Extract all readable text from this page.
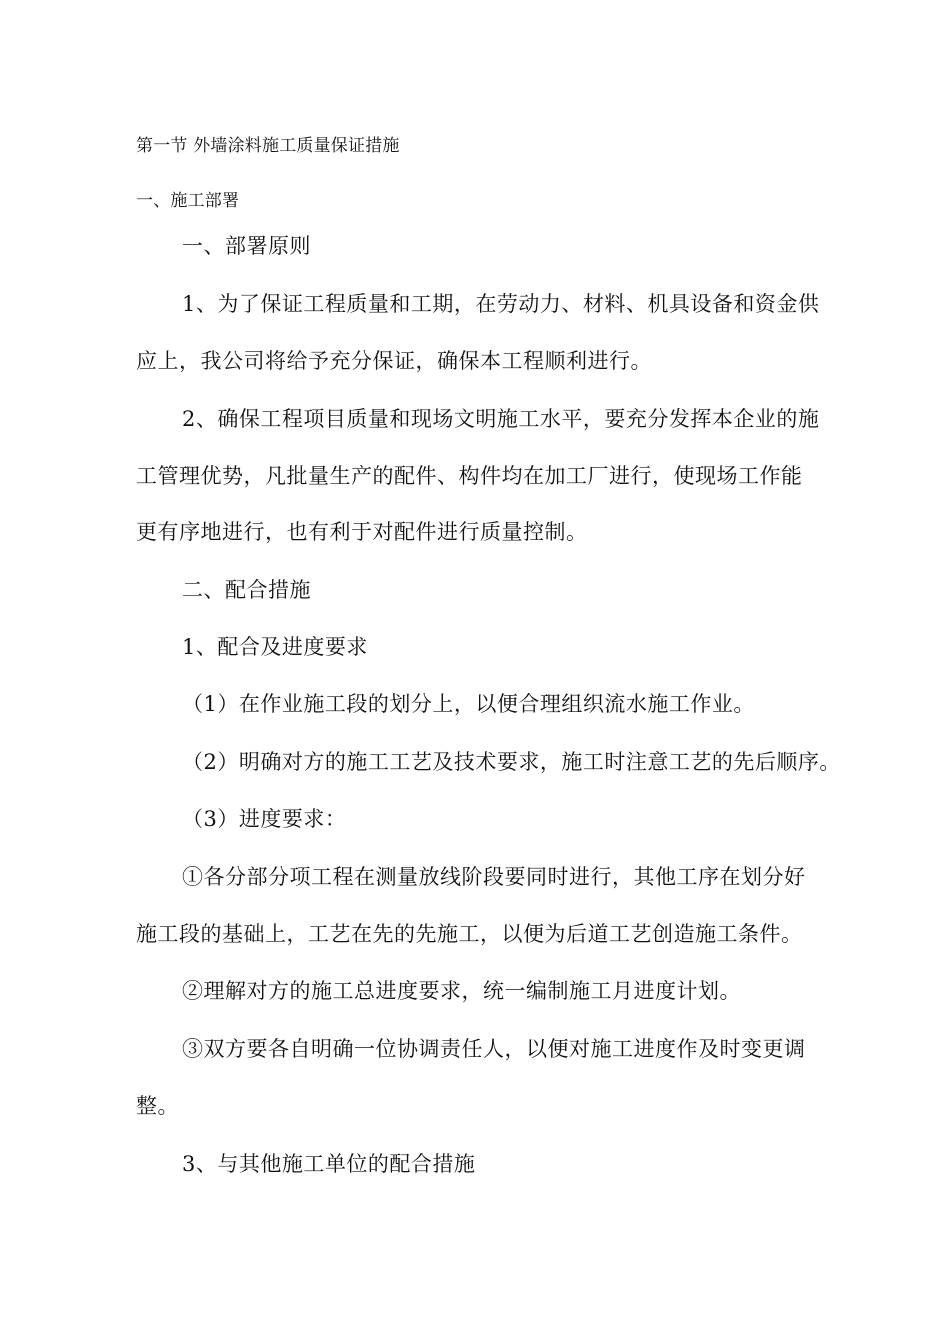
第一节 外墙涂料施工质量保证措施
一、施工部署
一、部署原则
1、为了保证工程质量和工期，在劳动力、材料、机具设备和资金供
应上，我公司将给予充分保证，确保本工程顺利进行。
2、确保工程项目质量和现场文明施工水平，要充分发挥本企业的施
工管理优势，凡批量生产的配件、构件均在加工厂进行，使现场工作能
更有序地进行，也有利于对配件进行质量控制。
二、配合措施
1、配合及进度要求
（1）在作业施工段的划分上，以便合理组织流水施工作业。
（2）明确对方的施工工艺及技术要求，施工时注意工艺的先后顺序。
（3）进度要求：
①各分部分项工程在测量放线阶段要同时进行，其他工序在划分好
施工段的基础上，工艺在先的先施工，以便为后道工艺创造施工条件。
②理解对方的施工总进度要求，统一编制施工月进度计划。
③双方要各自明确一位协调责任人，以便对施工进度作及时变更调
整。
3、与其他施工单位的配合措施
